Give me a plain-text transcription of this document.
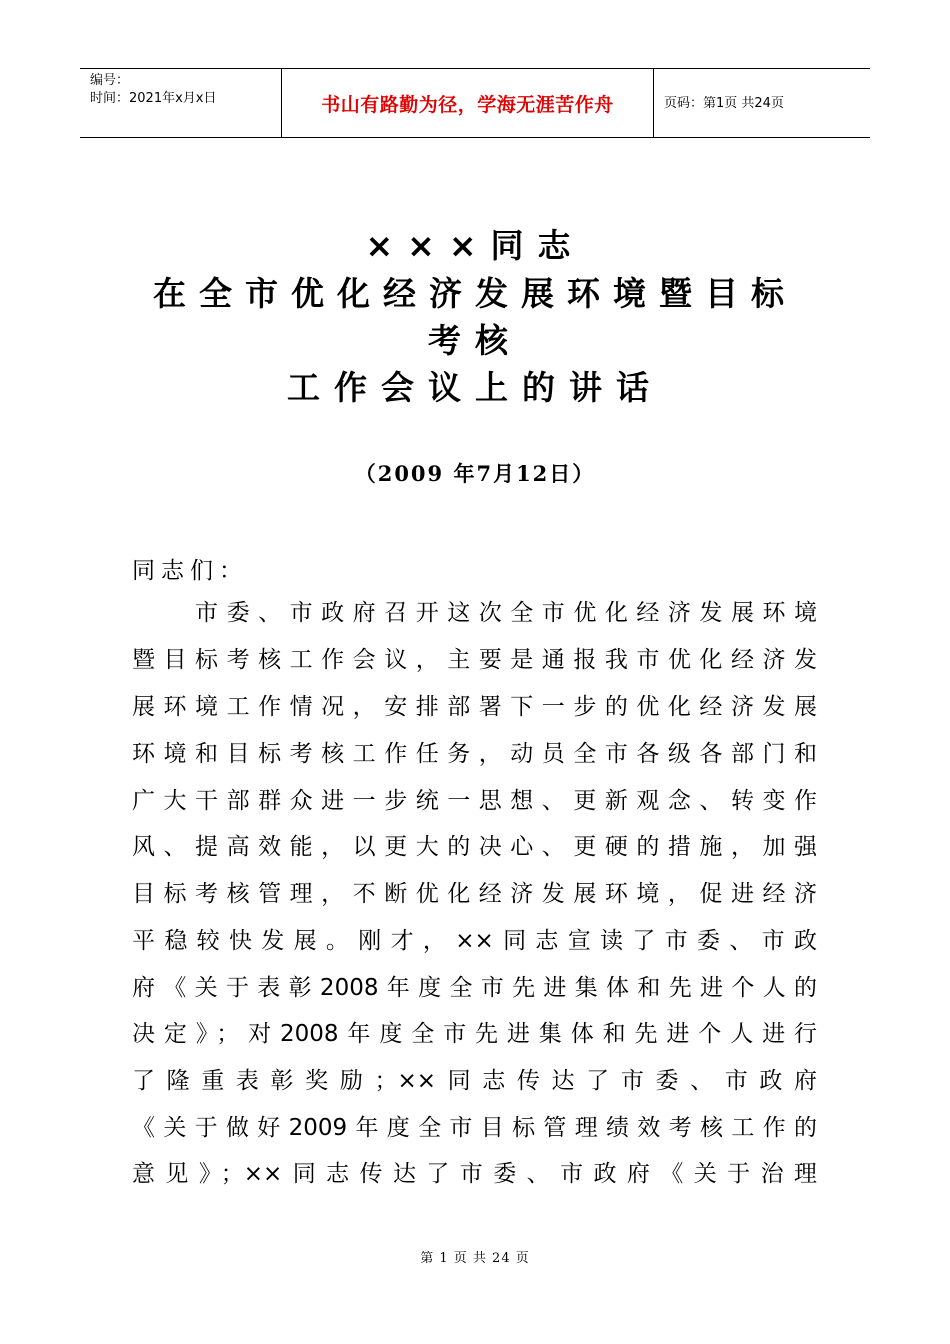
编号：
时间：2021年x月x日	书山有路勤为径，学海无涯苦作舟	页码：第1页 共24页
×××同志
在全市优化经济发展环境暨目标
考核
工作会议上的讲话
（2009 年7月12日）
同志们：
　　市委、市政府召开这次全市优化经济发展环境
暨目标考核工作会议，主要是通报我市优化经济发
展环境工作情况，安排部署下一步的优化经济发展
环境和目标考核工作任务，动员全市各级各部门和
广大干部群众进一步统一思想、更新观念、转变作
风、提高效能，以更大的决心、更硬的措施，加强
目标考核管理，不断优化经济发展环境，促进经济
平稳较快发展。刚才，××同志宣读了市委、市政
府《关于表彰2008年度全市先进集体和先进个人的
决定》；对2008年度全市先进集体和先进个人进行
了隆重表彰奖励；××同志传达了市委、市政府
《关于做好2009年度全市目标管理绩效考核工作的
意见》；××同志传达了市委、市政府《关于治理
第 1 页 共 24 页
